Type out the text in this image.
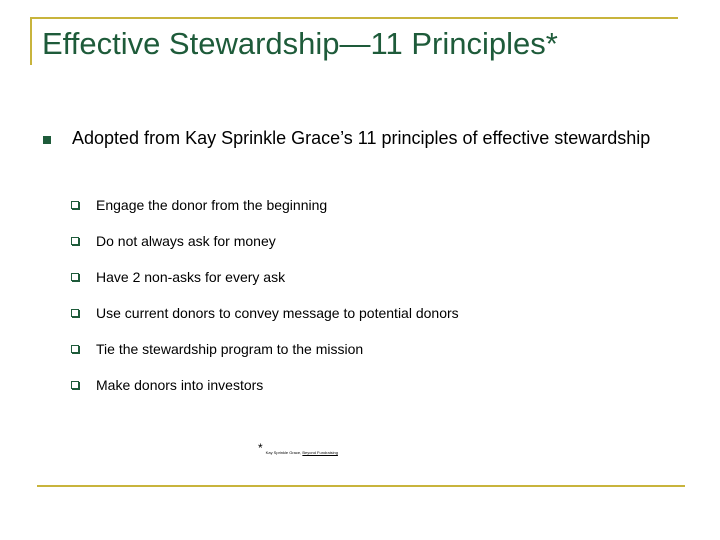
Effective Stewardship—11 Principles*
Adopted from Kay Sprinkle Grace’s 11 principles of effective stewardship
Engage the donor from the beginning
Do not always ask for money
Have 2 non-asks for every ask
Use current donors to convey message to potential donors
Tie the stewardship program to the mission
Make donors into investors
* Kay Sprinkle Grace, Beyond Fundraising
